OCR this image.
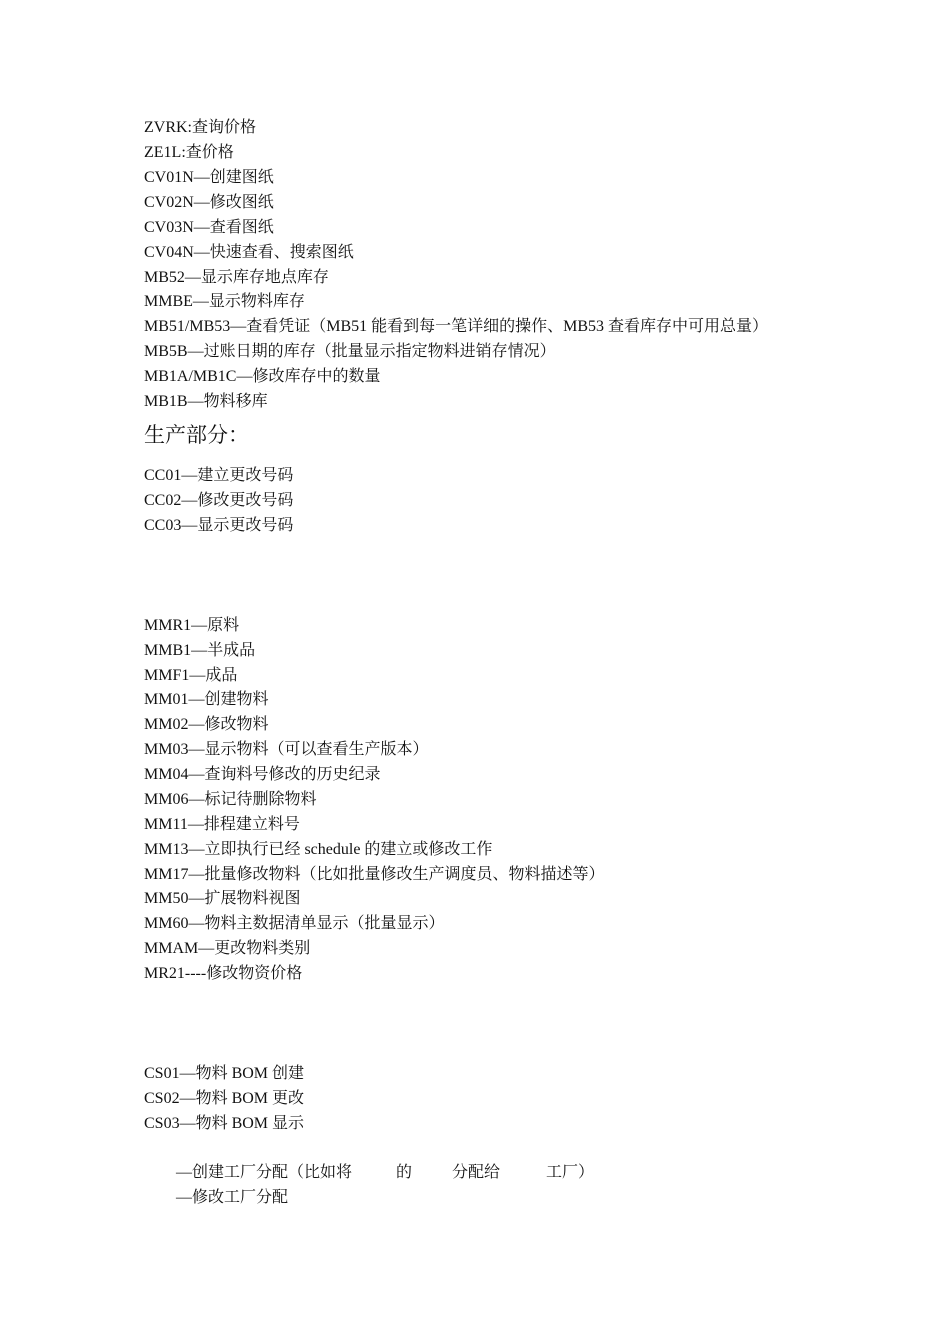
ZVRK:查询价格
ZE1L:查价格
CV01N—创建图纸
CV02N—修改图纸
CV03N—查看图纸
CV04N—快速查看、搜索图纸
MB52—显示库存地点库存
MMBE—显示物料库存
MB51/MB53—查看凭证（MB51 能看到每一笔详细的操作、MB53 查看库存中可用总量）
MB5B—过账日期的库存（批量显示指定物料进销存情况）
MB1A/MB1C—修改库存中的数量
MB1B—物料移库
生产部分：
CC01—建立更改号码
CC02—修改更改号码
CC03—显示更改号码
MMR1—原料
MMB1—半成品
MMF1—成品
MM01—创建物料
MM02—修改物料
MM03—显示物料（可以查看生产版本）
MM04—查询料号修改的历史纪录
MM06—标记待删除物料
MM11—排程建立料号
MM13—立即执行已经 schedule 的建立或修改工作
MM17—批量修改物料（比如批量修改生产调度员、物料描述等）
MM50—扩展物料视图
MM60—物料主数据清单显示（批量显示）
MMAM—更改物料类别
MR21----修改物资价格
CS01—物料 BOM 创建
CS02—物料 BOM 更改
CS03—物料 BOM 显示
—创建工厂分配（比如将	的	分配给	工厂）
—修改工厂分配
